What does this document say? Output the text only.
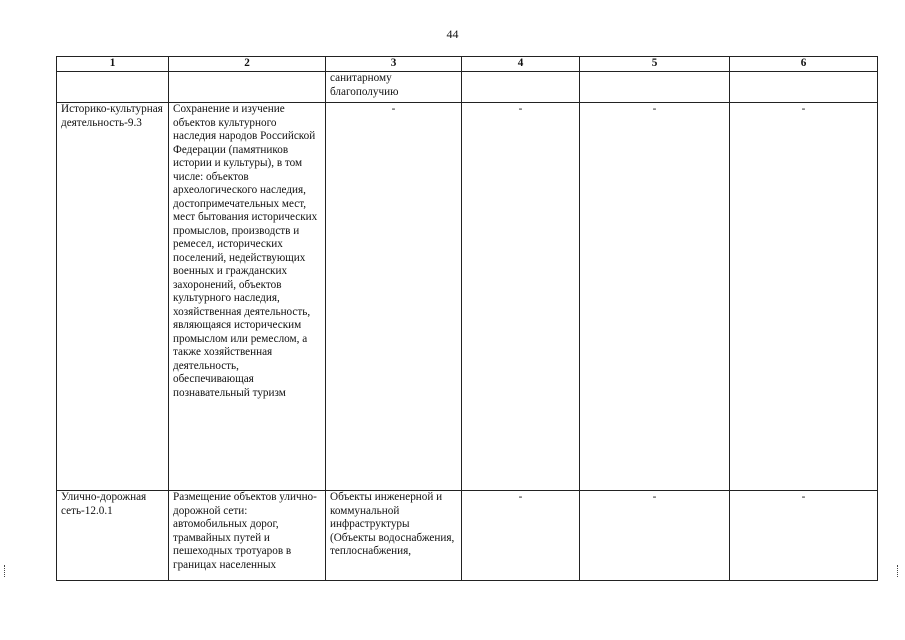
44
1	2	3	4	5	6
		санитарному благополучию			
Историко-культурная деятельность-9.3	Сохранение и изучение объектов культурного наследия народов Российской Федерации (памятников истории и культуры), в том числе: объектов археологического наследия, достопримечательных мест, мест бытования исторических промыслов, производств и ремесел, исторических поселений, недействующих военных и гражданских захоронений, объектов культурного наследия, хозяйственная деятельность, являющаяся историческим промыслом или ремеслом, а также хозяйственная деятельность, обеспечивающая познавательный туризм	-	-	-	-
Улично-дорожная сеть-12.0.1	Размещение объектов улично-дорожной сети: автомобильных дорог, трамвайных путей и пешеходных тротуаров в границах населенных	Объекты инженерной и коммунальной инфраструктуры (Объекты водоснабжения, теплоснабжения,	-	-	-
